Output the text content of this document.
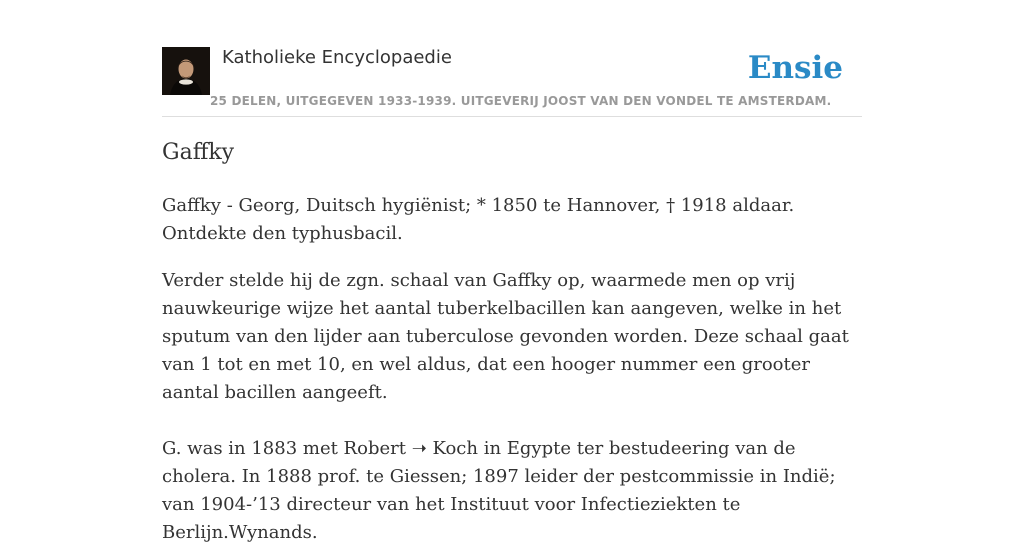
Katholieke Encyclopaedie
25 DELEN, UITGEGEVEN 1933-1939. UITGEVERIJ JOOST VAN DEN VONDEL TE AMSTERDAM.
Ensie
Gaffky

Gaffky - Georg, Duitsch hygiënist; * 1850 te Hannover, † 1918 aldaar. Ontdekte den typhusbacil.

Verder stelde hij de zgn. schaal van Gaffky op, waarmede men op vrij nauwkeurige wijze het aantal tuberkelbacillen kan aangeven, welke in het sputum van den lijder aan tuberculose gevonden worden. Deze schaal gaat van 1 tot en met 10, en wel aldus, dat een hooger nummer een grooter aantal bacillen aangeeft.

G. was in 1883 met Robert ➝ Koch in Egypte ter bestudeering van de cholera. In 1888 prof. te Giessen; 1897 leider der pestcommissie in Indië; van 1904-’13 directeur van het Instituut voor Infectieziekten te Berlijn.Wynands.
